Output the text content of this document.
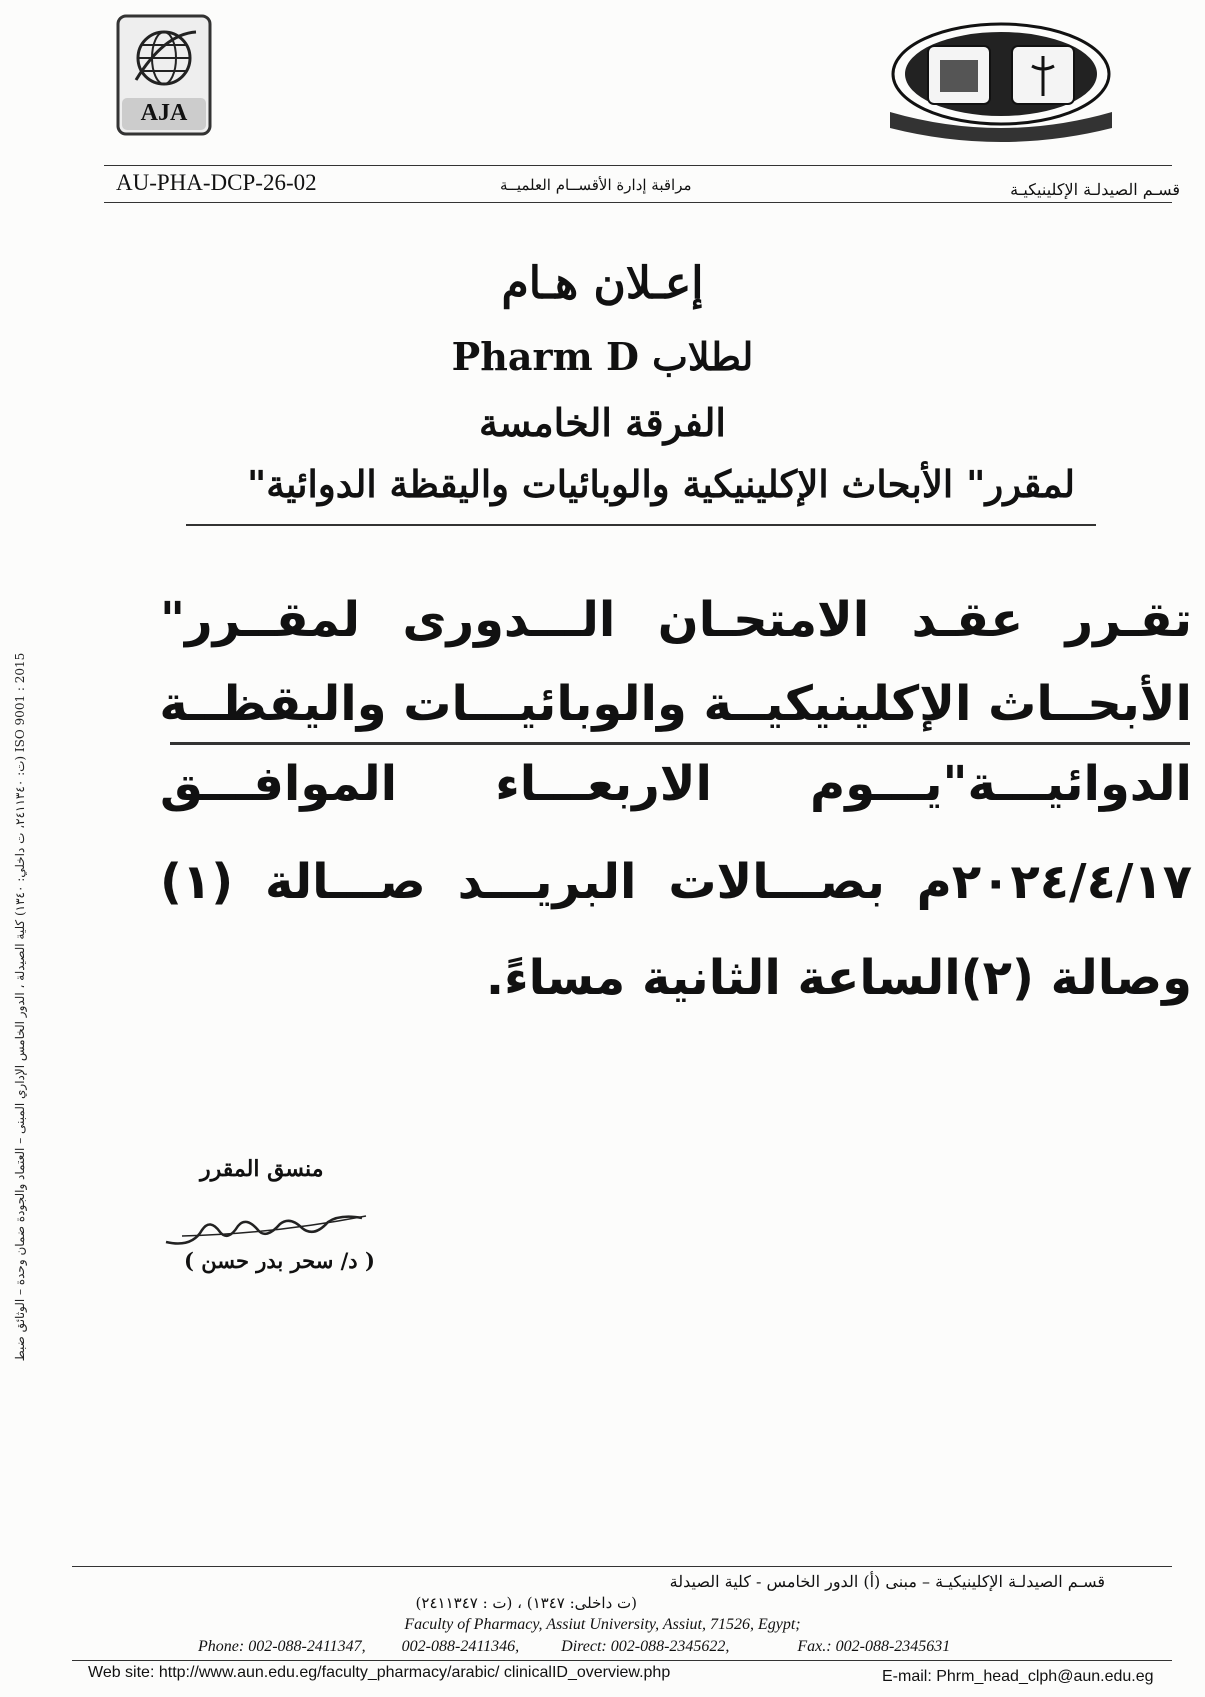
AJA
AU-PHA-DCP-26-02	مراقبة إدارة الأقســام العلميــة	قسـم الصيدلـة الإكلينيكيـة
إعـلان هـام
لطلاب Pharm D
الفرقة الخامسة
لمقرر" الأبحاث الإكلينيكية والوبائيات واليقظة الدوائية"
تقـرر عقـد الامتحـان الـــدورى لمقــرر"
الأبحــاث الإكلينيكيــة والوبائيـــات واليقظــة
الدوائيـــة"يـــوم الاربعـــاء الموافـــق
٢٠٢٤/٤/١٧م بصـــالات البريـــد صـــالة (١)
وصالة (٢)الساعة الثانية مساءً.
منسق المقرر
( د/ سحر بدر حسن )
ISO 9001 : 2015 (ت: ٢٤١١٣٤٠، ت داخلي: ١٣٤٠) كلية الصيدلة ، الدور الخامس الإداري المبنى – العتماد والجودة ضمان وحدة – الوثائق ضبط
قسـم الصيدلـة الإكلينيكيـة – مبنى (أ) الدور الخامس - كلية الصيدلة
(ت داخلى: ١٣٤٧) ، (ت : ٢٤١١٣٤٧)
Faculty of Pharmacy, Assiut University, Assiut, 71526, Egypt;
Phone: 002-088-2411347, 002-088-2411346,	Direct: 002-088-2345622,	Fax.: 002-088-2345631
Web site: http://www.aun.edu.eg/faculty_pharmacy/arabic/ clinicalID_overview.php	E-mail: Phrm_head_clph@aun.edu.eg
